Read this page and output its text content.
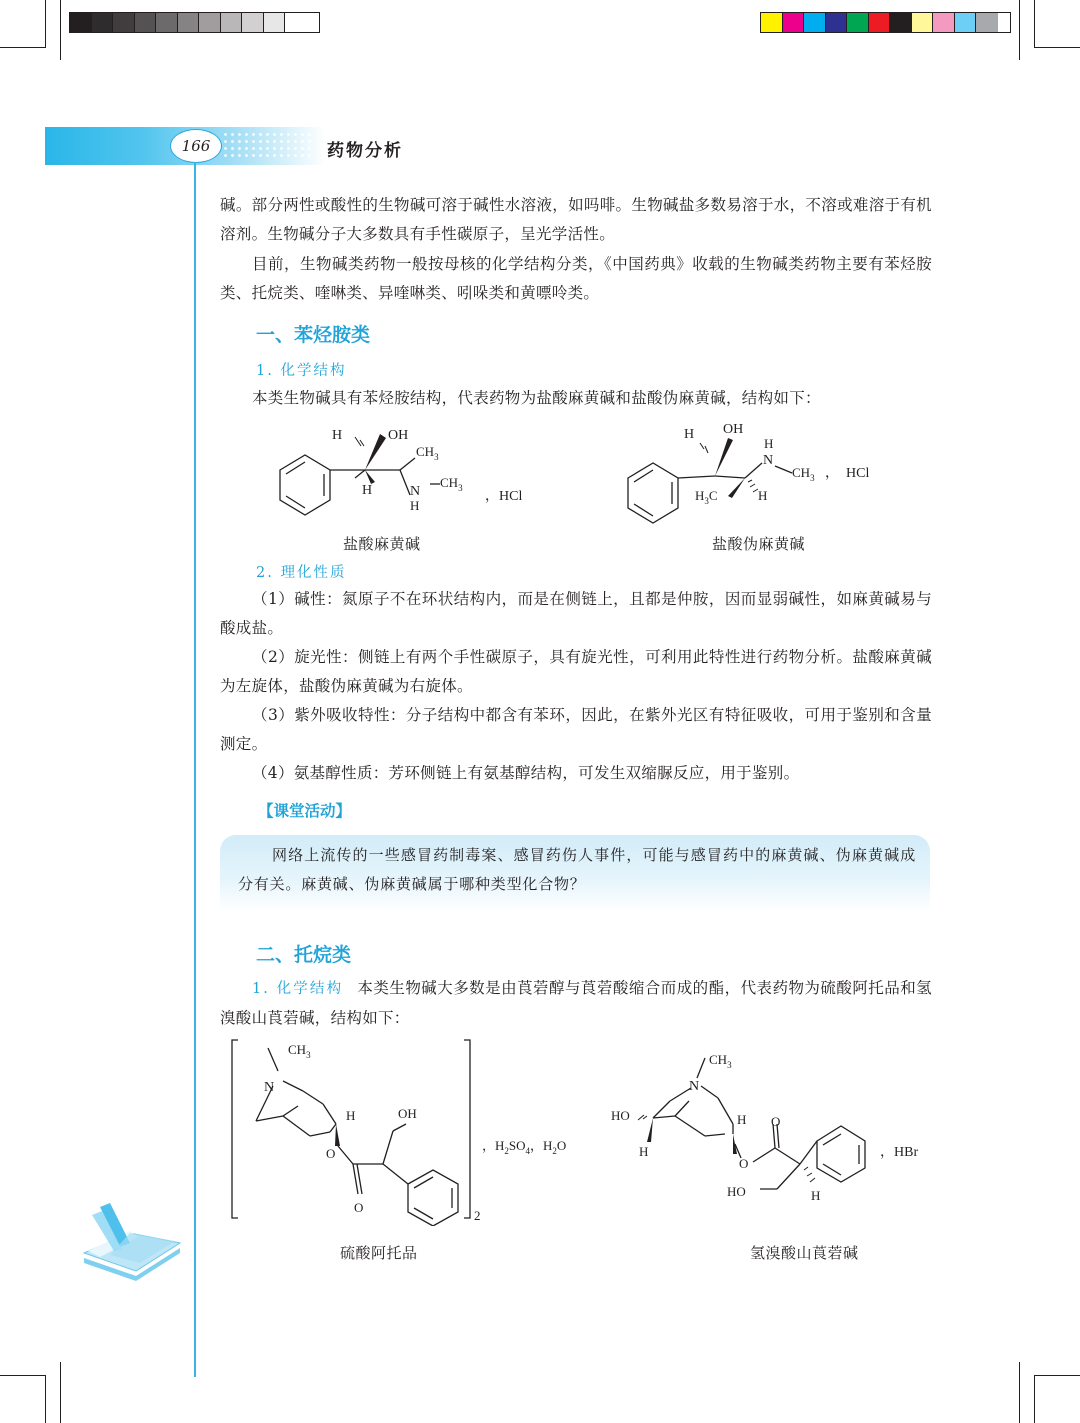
166	药物分析

碱。部分两性或酸性的生物碱可溶于碱性水溶液，如吗啡。生物碱盐多数易溶于水，不溶或难溶于有机溶剂。生物碱分子大多数具有手性碳原子，呈光学活性。

目前，生物碱类药物一般按母核的化学结构分类，《中国药典》收载的生物碱类药物主要有苯烃胺类、托烷类、喹啉类、异喹啉类、吲哚类和黄嘌呤类。

一、苯烃胺类
1. 化学结构

本类生物碱具有苯烃胺结构，代表药物为盐酸麻黄碱和盐酸伪麻黄碱，结构如下：

H	OH
$CH_3$
H	N
$CH_3$
H
，HCl
H OH
H
N
$CH_3$ ， HCl
$H_3C$	H
盐酸麻黄碱	盐酸伪麻黄碱
2. 理化性质

（1）碱性：氮原子不在环状结构内，而是在侧链上，且都是仲胺，因而显弱碱性，如麻黄碱易与酸成盐。

（2）旋光性：侧链上有两个手性碳原子，具有旋光性，可利用此特性进行药物分析。盐酸麻黄碱为左旋体，盐酸伪麻黄碱为右旋体。

（3）紫外吸收特性：分子结构中都含有苯环，因此，在紫外光区有特征吸收，可用于鉴别和含量测定。

（4）氨基醇性质：芳环侧链上有氨基醇结构，可发生双缩脲反应，用于鉴别。

【课堂活动】

网络上流传的一些感冒药制毒案、感冒药伤人事件，可能与感冒药中的麻黄碱、伪麻黄碱成分有关。麻黄碱、伪麻黄碱属于哪种类型化合物？

二、托烷类

1. 化学结构 本类生物碱大多数是由莨菪醇与莨菪酸缩合而成的酯，代表药物为硫酸阿托品和氢溴酸山莨菪碱，结构如下：

$CH_3$
N
H	OH
O
O
2
，$H_2SO_4$，$H_2O$
$CH_3$
N
HO
H
H O
O
HO	H
，HBr
硫酸阿托品	氢溴酸山莨菪碱
